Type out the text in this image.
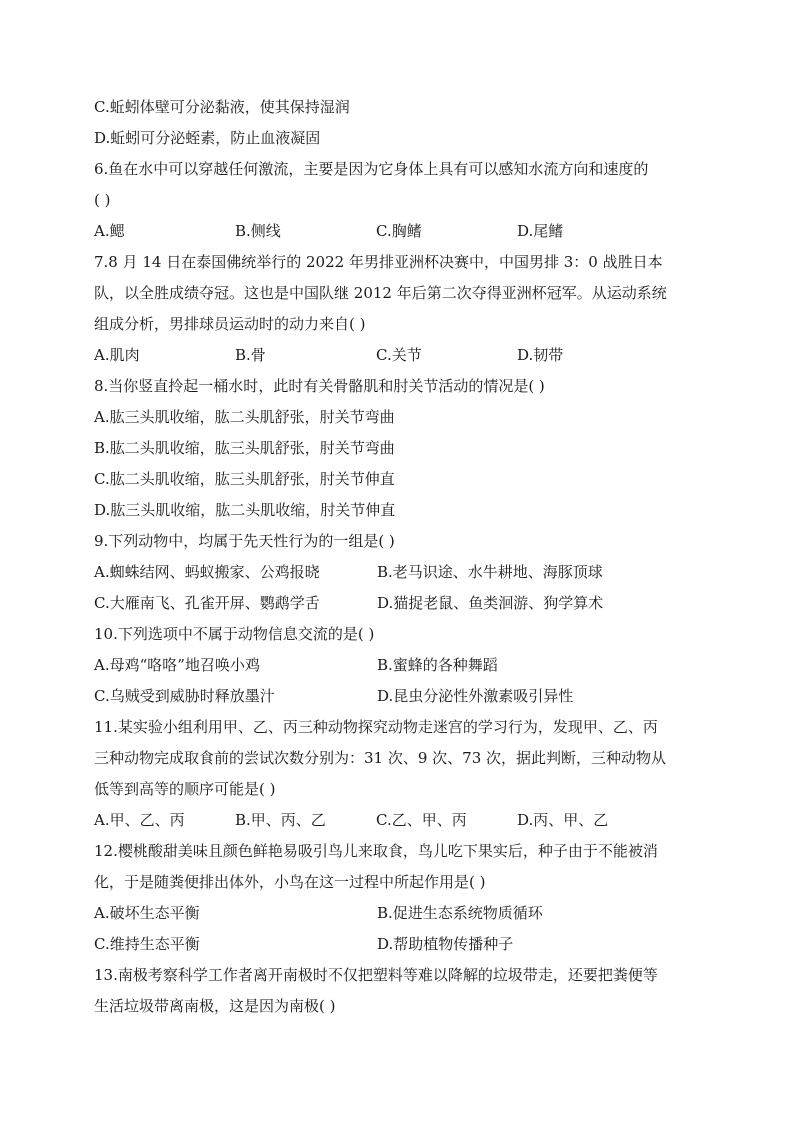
C.蚯蚓体壁可分泌黏液，使其保持湿润
D.蚯蚓可分泌蛭素，防止血液凝固
6.鱼在水中可以穿越任何激流，主要是因为它身体上具有可以感知水流方向和速度的
( )
A.鳃	B.侧线	C.胸鳍	D.尾鳍
7.8 月 14 日在泰国佛统举行的 2022 年男排亚洲杯决赛中，中国男排 3：0 战胜日本
队，以全胜成绩夺冠。这也是中国队继 2012 年后第二次夺得亚洲杯冠军。从运动系统
组成分析，男排球员运动时的动力来自( )
A.肌肉	B.骨	C.关节	D.韧带
8.当你竖直拎起一桶水时，此时有关骨骼肌和肘关节活动的情况是( )
A.肱三头肌收缩，肱二头肌舒张，肘关节弯曲
B.肱二头肌收缩，肱三头肌舒张，肘关节弯曲
C.肱二头肌收缩，肱三头肌舒张，肘关节伸直
D.肱三头肌收缩，肱二头肌收缩，肘关节伸直
9.下列动物中，均属于先天性行为的一组是( )
A.蜘蛛结网、蚂蚁搬家、公鸡报晓	B.老马识途、水牛耕地、海豚顶球
C.大雁南飞、孔雀开屏、鹦鹉学舌	D.猫捉老鼠、鱼类洄游、狗学算术
10.下列选项中不属于动物信息交流的是( )
A.母鸡“咯咯”地召唤小鸡	B.蜜蜂的各种舞蹈
C.乌贼受到威胁时释放墨汁	D.昆虫分泌性外激素吸引异性
11.某实验小组利用甲、乙、丙三种动物探究动物走迷宫的学习行为，发现甲、乙、丙
三种动物完成取食前的尝试次数分别为：31 次、9 次、73 次，据此判断，三种动物从
低等到高等的顺序可能是( )
A.甲、乙、丙	B.甲、丙、乙	C.乙、甲、丙	D.丙、甲、乙
12.樱桃酸甜美味且颜色鲜艳易吸引鸟儿来取食，鸟儿吃下果实后，种子由于不能被消
化，于是随粪便排出体外，小鸟在这一过程中所起作用是( )
A.破坏生态平衡	B.促进生态系统物质循环
C.维持生态平衡	D.帮助植物传播种子
13.南极考察科学工作者离开南极时不仅把塑料等难以降解的垃圾带走，还要把粪便等
生活垃圾带离南极，这是因为南极( )
